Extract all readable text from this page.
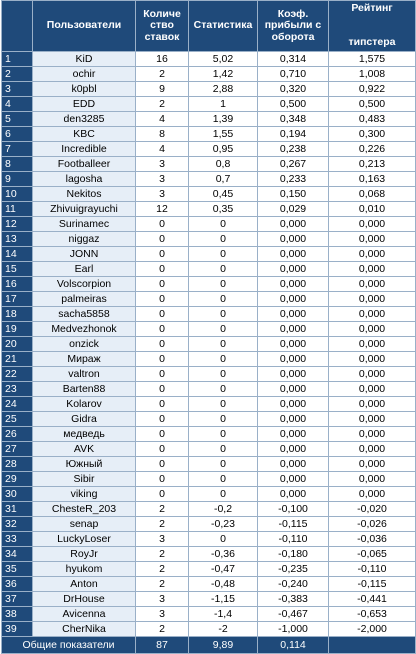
	Пользователи	Количе ство ставок	Статистика	Коэф. прибыли с оборота	Рейтинг
типстера
1	KiD	16	5,02	0,314	1,575
2	ochir	2	1,42	0,710	1,008
3	k0pbl	9	2,88	0,320	0,922
4	EDD	2	1	0,500	0,500
5	den3285	4	1,39	0,348	0,483
6	KBC	8	1,55	0,194	0,300
7	Incredible	4	0,95	0,238	0,226
8	Footballeer	3	0,8	0,267	0,213
9	lagosha	3	0,7	0,233	0,163
10	Nekitos	3	0,45	0,150	0,068
11	Zhivuigrayuchi	12	0,35	0,029	0,010
12	Surinamec	0	0	0,000	0,000
13	niggaz	0	0	0,000	0,000
14	JONN	0	0	0,000	0,000
15	Earl	0	0	0,000	0,000
16	Volscorpion	0	0	0,000	0,000
17	palmeiras	0	0	0,000	0,000
18	sacha5858	0	0	0,000	0,000
19	Medvezhonok	0	0	0,000	0,000
20	onzick	0	0	0,000	0,000
21	Мираж	0	0	0,000	0,000
22	valtron	0	0	0,000	0,000
23	Barten88	0	0	0,000	0,000
24	Kolarov	0	0	0,000	0,000
25	Gidra	0	0	0,000	0,000
26	медведь	0	0	0,000	0,000
27	AVK	0	0	0,000	0,000
28	Южный	0	0	0,000	0,000
29	Sibir	0	0	0,000	0,000
30	viking	0	0	0,000	0,000
31	ChesteR_203	2	-0,2	-0,100	-0,020
32	senap	2	-0,23	-0,115	-0,026
33	LuckyLoser	3	0	-0,110	-0,036
34	RoyJr	2	-0,36	-0,180	-0,065
35	hyukom	2	-0,47	-0,235	-0,110
36	Anton	2	-0,48	-0,240	-0,115
37	DrHouse	3	-1,15	-0,383	-0,441
38	Avicenna	3	-1,4	-0,467	-0,653
39	CherNika	2	-2	-1,000	-2,000
Общие показатели		87	9,89	0,114	
